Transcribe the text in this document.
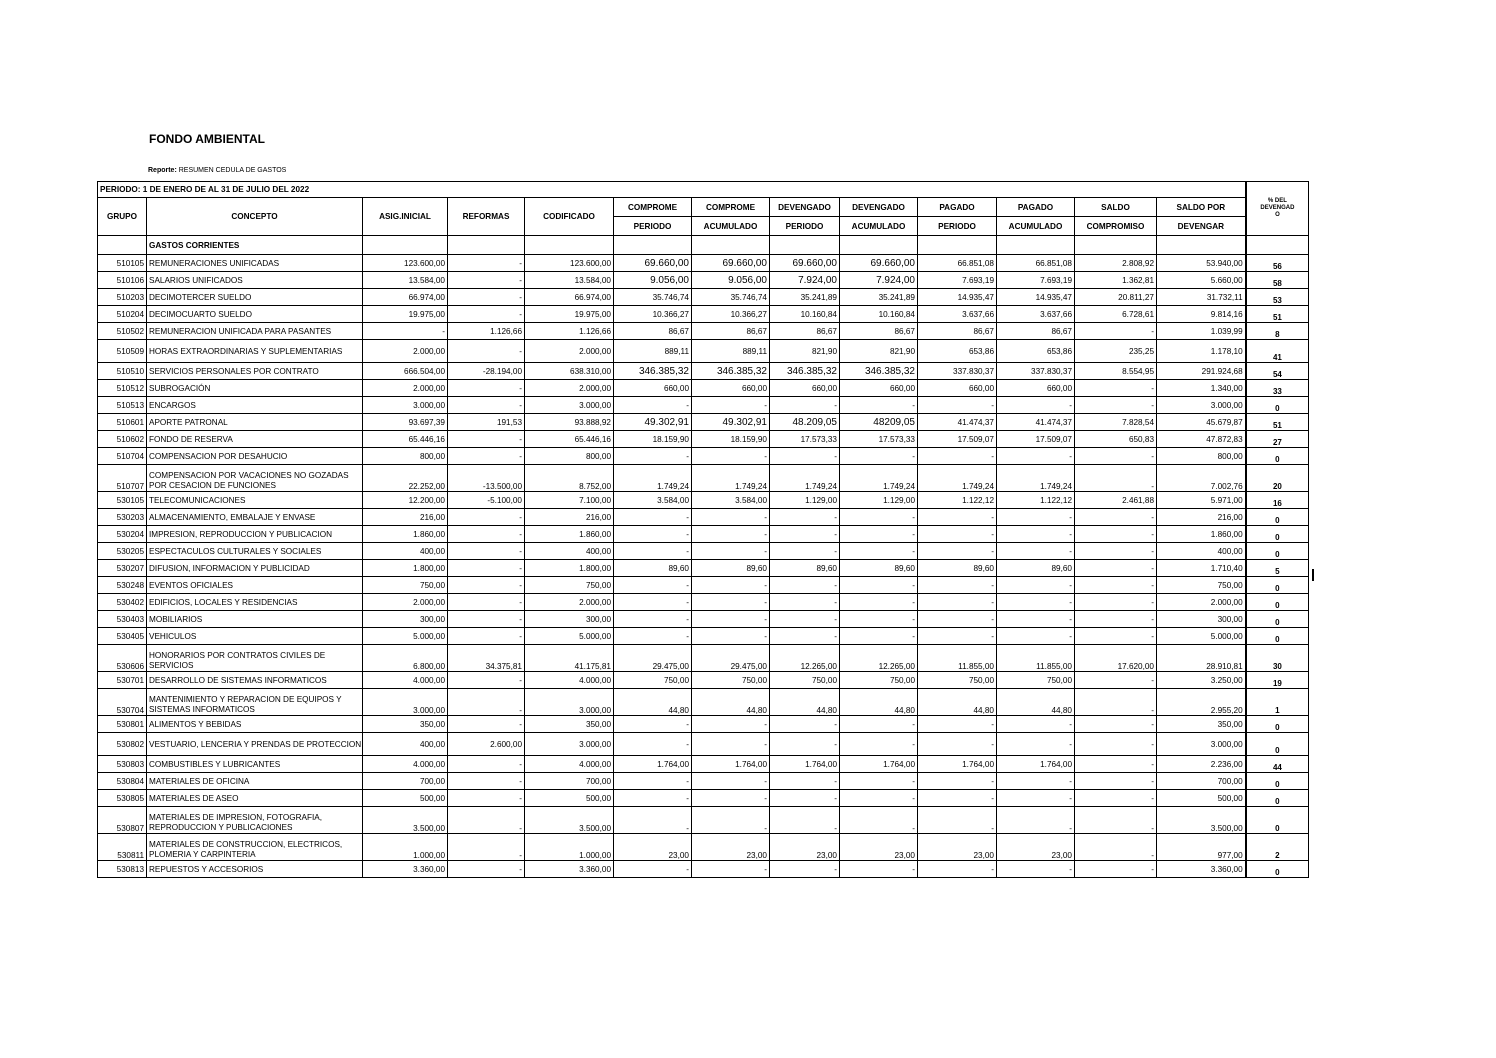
FONDO AMBIENTAL
Reporte: RESUMEN CEDULA DE GASTOS
PERIODO: 1 DE ENERO DE AL 31 DE JULIO DEL 2022													% DEL
DEVENGAD
O

GRUPO	CONCEPTO	ASIG.INICIAL	REFORMAS	CODIFICADO	COMPROME	COMPROME	DEVENGADO	DEVENGADO	PAGADO	PAGADO	SALDO	SALDO POR	
					PERIODO	ACUMULADO	PERIODO	ACUMULADO	PERIODO	ACUMULADO	COMPROMISO	DEVENGAR	
	GASTOS CORRIENTES												
510105	REMUNERACIONES UNIFICADAS	123.600,00	-	123.600,00	69.660,00	69.660,00	69.660,00	69.660,00	66.851,08	66.851,08	2.808,92	53.940,00	56
510106	SALARIOS UNIFICADOS	13.584,00	-	13.584,00	9.056,00	9.056,00	7.924,00	7.924,00	7.693,19	7.693,19	1.362,81	5.660,00	58
510203	DECIMOTERCER SUELDO	66.974,00	-	66.974,00	35.746,74	35.746,74	35.241,89	35.241,89	14.935,47	14.935,47	20.811,27	31.732,11	53
510204	DECIMOCUARTO SUELDO	19.975,00	-	19.975,00	10.366,27	10.366,27	10.160,84	10.160,84	3.637,66	3.637,66	6.728,61	9.814,16	51
510502	REMUNERACION UNIFICADA PARA PASANTES	-	1.126,66	1.126,66	86,67	86,67	86,67	86,67	86,67	86,67	-	1.039,99	8
510509	HORAS EXTRAORDINARIAS Y SUPLEMENTARIAS	2.000,00	-	2.000,00	889,11	889,11	821,90	821,90	653,86	653,86	235,25	1.178,10	41
510510	SERVICIOS PERSONALES POR CONTRATO	666.504,00	-28.194,00	638.310,00	346.385,32	346.385,32	346.385,32	346.385,32	337.830,37	337.830,37	8.554,95	291.924,68	54
510512	SUBROGACIÓN	2.000,00	-	2.000,00	660,00	660,00	660,00	660,00	660,00	660,00	-	1.340,00	33
510513	ENCARGOS	3.000,00	-	3.000,00	-	-	-	-	-	-	-	3.000,00	0
510601	APORTE PATRONAL	93.697,39	191,53	93.888,92	49.302,91	49.302,91	48.209,05	48209,05	41.474,37	41.474,37	7.828,54	45.679,87	51
510602	FONDO DE RESERVA	65.446,16	-	65.446,16	18.159,90	18.159,90	17.573,33	17.573,33	17.509,07	17.509,07	650,83	47.872,83	27
510704	COMPENSACION POR DESAHUCIO	800,00	-	800,00	-	-	-	-	-	-	-	800,00	0
510707	COMPENSACION POR VACACIONES NO GOZADAS POR CESACION DE FUNCIONES	22.252,00	-13.500,00	8.752,00	1.749,24	1.749,24	1.749,24	1.749,24	1.749,24	1.749,24	-	7.002,76	20
530105	TELECOMUNICACIONES	12.200,00	-5.100,00	7.100,00	3.584,00	3.584,00	1.129,00	1.129,00	1.122,12	1.122,12	2.461,88	5.971,00	16
530203	ALMACENAMIENTO, EMBALAJE Y ENVASE	216,00	-	216,00	-	-	-	-	-	-	-	216,00	0
530204	IMPRESION, REPRODUCCION Y PUBLICACION	1.860,00	-	1.860,00	-	-	-	-	-	-	-	1.860,00	0
530205	ESPECTACULOS CULTURALES Y SOCIALES	400,00	-	400,00	-	-	-	-	-	-	-	400,00	0
530207	DIFUSION, INFORMACION Y PUBLICIDAD	1.800,00	-	1.800,00	89,60	89,60	89,60	89,60	89,60	89,60	-	1.710,40	5
530248	EVENTOS OFICIALES	750,00	-	750,00	-	-	-	-	-	-	-	750,00	0
530402	EDIFICIOS, LOCALES Y RESIDENCIAS	2.000,00	-	2.000,00	-	-	-	-	-	-	-	2.000,00	0
530403	MOBILIARIOS	300,00	-	300,00	-	-	-	-	-	-	-	300,00	0
530405	VEHICULOS	5.000,00	-	5.000,00	-	-	-	-	-	-	-	5.000,00	0
530606	HONORARIOS POR CONTRATOS CIVILES DE SERVICIOS	6.800,00	34.375,81	41.175,81	29.475,00	29.475,00	12.265,00	12.265,00	11.855,00	11.855,00	17.620,00	28.910,81	30
530701	DESARROLLO DE SISTEMAS INFORMATICOS	4.000,00	-	4.000,00	750,00	750,00	750,00	750,00	750,00	750,00	-	3.250,00	19
530704	MANTENIMIENTO Y REPARACION DE EQUIPOS Y SISTEMAS INFORMATICOS	3.000,00	-	3.000,00	44,80	44,80	44,80	44,80	44,80	44,80	-	2.955,20	1
530801	ALIMENTOS Y BEBIDAS	350,00	-	350,00	-	-	-	-	-	-	-	350,00	0
530802	VESTUARIO, LENCERIA Y PRENDAS DE PROTECCION	400,00	2.600,00	3.000,00	-	-	-	-	-	-	-	3.000,00	0
530803	COMBUSTIBLES Y LUBRICANTES	4.000,00	-	4.000,00	1.764,00	1.764,00	1.764,00	1.764,00	1.764,00	1.764,00	-	2.236,00	44
530804	MATERIALES DE OFICINA	700,00	-	700,00	-	-	-	-	-	-	-	700,00	0
530805	MATERIALES DE ASEO	500,00	-	500,00	-	-	-	-	-	-	-	500,00	0
530807	MATERIALES DE IMPRESION, FOTOGRAFIA, REPRODUCCION Y PUBLICACIONES	3.500,00	-	3.500,00	-	-	-	-	-	-	-	3.500,00	0
530811	MATERIALES DE CONSTRUCCION, ELECTRICOS, PLOMERIA Y CARPINTERIA	1.000,00	-	1.000,00	23,00	23,00	23,00	23,00	23,00	23,00	-	977,00	2
530813	REPUESTOS Y ACCESORIOS	3.360,00	-	3.360,00	-	-	-	-	-	-	-	3.360,00	0
